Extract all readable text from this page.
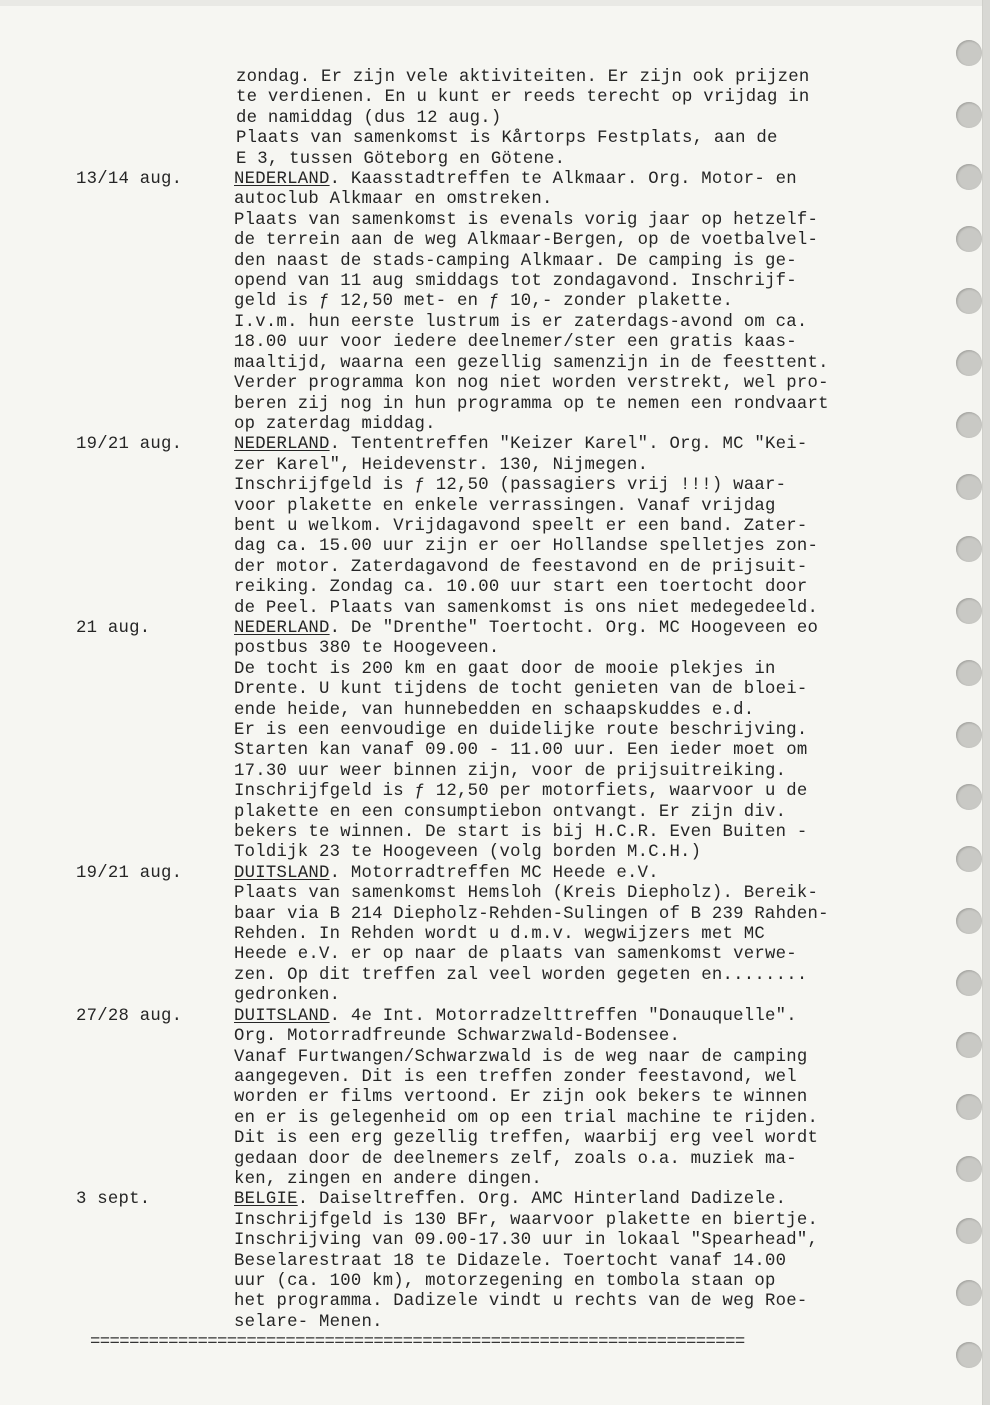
zondag. Er zijn vele aktiviteiten. Er zijn ook prijzen
te verdienen. En u kunt er reeds terecht op vrijdag in
de namiddag (dus 12 aug.)
Plaats van samenkomst is Kårtorps Festplats, aan de
E 3, tussen Göteborg en Götene.
13/14 aug.	NEDERLAND. Kaasstadtreffen te Alkmaar. Org. Motor- en
autoclub Alkmaar en omstreken.
Plaats van samenkomst is evenals vorig jaar op hetzelf-
de terrein aan de weg Alkmaar-Bergen, op de voetbalvel-
den naast de stads-camping Alkmaar. De camping is ge-
opend van 11 aug smiddags tot zondagavond. Inschrijf-
geld is ƒ 12,50 met- en ƒ 10,- zonder plakette.
I.v.m. hun eerste lustrum is er zaterdags-avond om ca.
18.00 uur voor iedere deelnemer/ster een gratis kaas-
maaltijd, waarna een gezellig samenzijn in de feesttent.
Verder programma kon nog niet worden verstrekt, wel pro-
beren zij nog in hun programma op te nemen een rondvaart
op zaterdag middag.
19/21 aug.	NEDERLAND. Tententreffen "Keizer Karel". Org. MC "Kei-
zer Karel", Heidevenstr. 130, Nijmegen.
Inschrijfgeld is ƒ 12,50 (passagiers vrij !!!) waar-
voor plakette en enkele verrassingen. Vanaf vrijdag
bent u welkom. Vrijdagavond speelt er een band. Zater-
dag ca. 15.00 uur zijn er oer Hollandse spelletjes zon-
der motor. Zaterdagavond de feestavond en de prijsuit-
reiking. Zondag ca. 10.00 uur start een toertocht door
de Peel. Plaats van samenkomst is ons niet medegedeeld.
21 aug.	NEDERLAND. De "Drenthe" Toertocht. Org. MC Hoogeveen eo
postbus 380 te Hoogeveen.
De tocht is 200 km en gaat door de mooie plekjes in
Drente. U kunt tijdens de tocht genieten van de bloei-
ende heide, van hunnebedden en schaapskuddes e.d.
Er is een eenvoudige en duidelijke route beschrijving.
Starten kan vanaf 09.00 - 11.00 uur. Een ieder moet om
17.30 uur weer binnen zijn, voor de prijsuitreiking.
Inschrijfgeld is ƒ 12,50 per motorfiets, waarvoor u de
plakette en een consumptiebon ontvangt. Er zijn div.
bekers te winnen. De start is bij H.C.R. Even Buiten -
Toldijk 23 te Hoogeveen (volg borden M.C.H.)
19/21 aug.	DUITSLAND. Motorradtreffen MC Heede e.V.
Plaats van samenkomst Hemsloh (Kreis Diepholz). Bereik-
baar via B 214 Diepholz-Rehden-Sulingen of B 239 Rahden-
Rehden. In Rehden wordt u d.m.v. wegwijzers met MC
Heede e.V. er op naar de plaats van samenkomst verwe-
zen. Op dit treffen zal veel worden gegeten en........
gedronken.
27/28 aug.	DUITSLAND. 4e Int. Motorradzelttreffen "Donauquelle".
Org. Motorradfreunde Schwarzwald-Bodensee.
Vanaf Furtwangen/Schwarzwald is de weg naar de camping
aangegeven. Dit is een treffen zonder feestavond, wel
worden er films vertoond. Er zijn ook bekers te winnen
en er is gelegenheid om op een trial machine te rijden.
Dit is een erg gezellig treffen, waarbij erg veel wordt
gedaan door de deelnemers zelf, zoals o.a. muziek ma-
ken, zingen en andere dingen.
3 sept.	BELGIE. Daiseltreffen. Org. AMC Hinterland Dadizele.
Inschrijfgeld is 130 BFr, waarvoor plakette en biertje.
Inschrijving van 09.00-17.30 uur in lokaal "Spearhead",
Beselarestraat 18 te Didazele. Toertocht vanaf 14.00
uur (ca. 100 km), motorzegening en tombola staan op
het programma. Dadizele vindt u rechts van de weg Roe-
selare- Menen.
===================================================================
